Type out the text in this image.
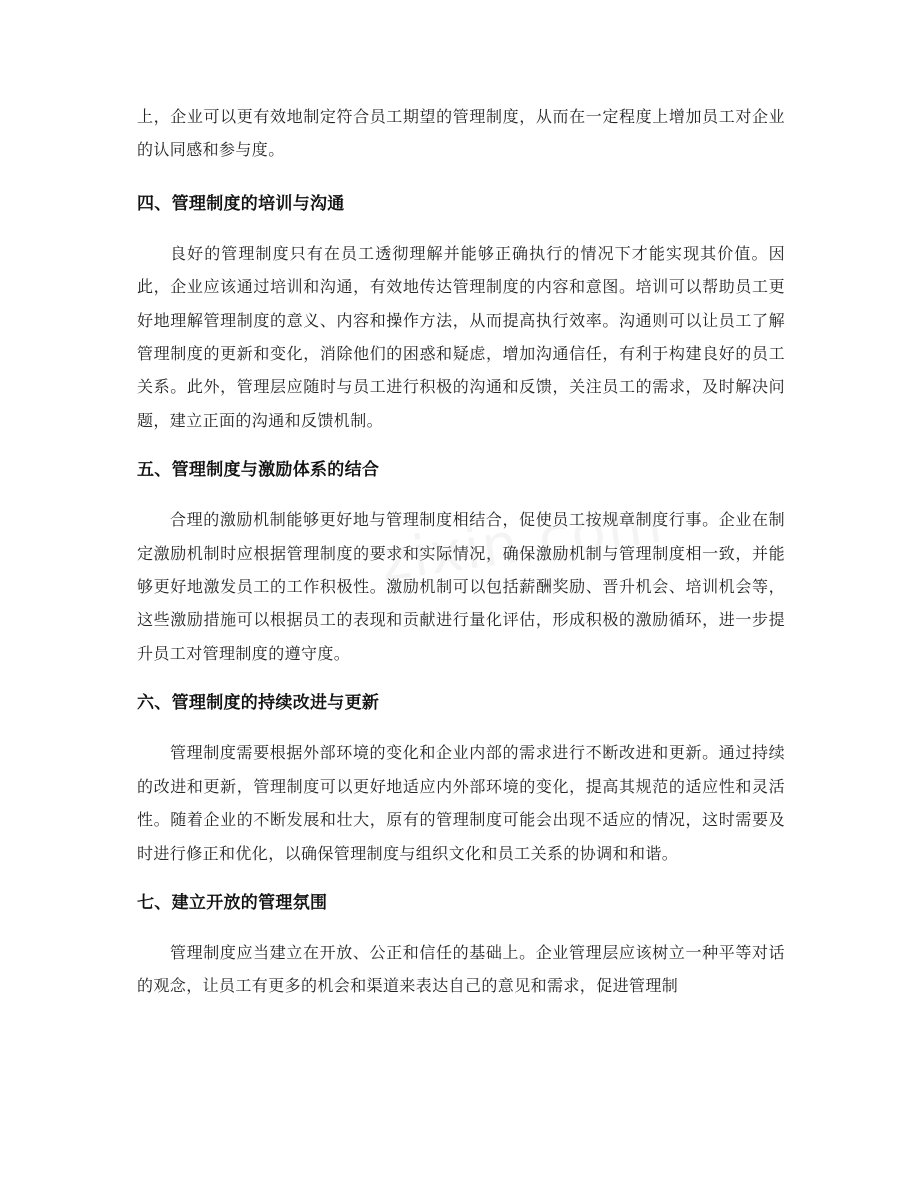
上，企业可以更有效地制定符合员工期望的管理制度，从而在一定程度上增加员工对企业的认同感和参与度。

四、管理制度的培训与沟通

良好的管理制度只有在员工透彻理解并能够正确执行的情况下才能实现其价值。因此，企业应该通过培训和沟通，有效地传达管理制度的内容和意图。培训可以帮助员工更好地理解管理制度的意义、内容和操作方法，从而提高执行效率。沟通则可以让员工了解管理制度的更新和变化，消除他们的困惑和疑虑，增加沟通信任，有利于构建良好的员工关系。此外，管理层应随时与员工进行积极的沟通和反馈，关注员工的需求，及时解决问题，建立正面的沟通和反馈机制。

五、管理制度与激励体系的结合

合理的激励机制能够更好地与管理制度相结合，促使员工按规章制度行事。企业在制定激励机制时应根据管理制度的要求和实际情况，确保激励机制与管理制度相一致，并能够更好地激发员工的工作积极性。激励机制可以包括薪酬奖励、晋升机会、培训机会等，这些激励措施可以根据员工的表现和贡献进行量化评估，形成积极的激励循环，进一步提升员工对管理制度的遵守度。

六、管理制度的持续改进与更新

管理制度需要根据外部环境的变化和企业内部的需求进行不断改进和更新。通过持续的改进和更新，管理制度可以更好地适应内外部环境的变化，提高其规范的适应性和灵活性。随着企业的不断发展和壮大，原有的管理制度可能会出现不适应的情况，这时需要及时进行修正和优化，以确保管理制度与组织文化和员工关系的协调和和谐。

七、建立开放的管理氛围

管理制度应当建立在开放、公正和信任的基础上。企业管理层应该树立一种平等对话的观念，让员工有更多的机会和渠道来表达自己的意见和需求，促进管理制
